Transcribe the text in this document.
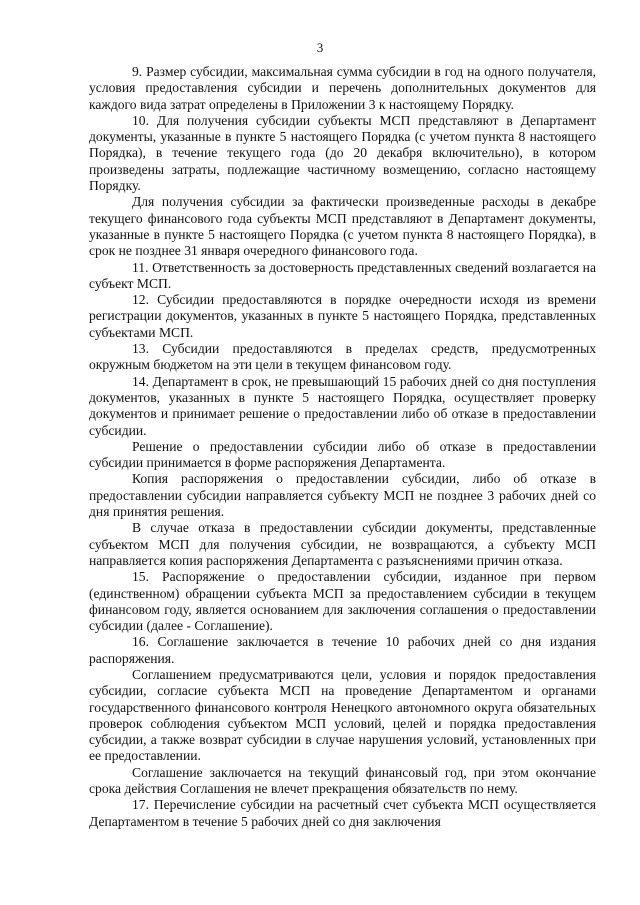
3

9. Размер субсидии, максимальная сумма субсидии в год на одного получателя, условия предоставления субсидии и перечень дополнительных документов для каждого вида затрат определены в Приложении 3 к настоящему Порядку.

10. Для получения субсидии субъекты МСП представляют в Департамент документы, указанные в пункте 5 настоящего Порядка (с учетом пункта 8 настоящего Порядка), в течение текущего года (до 20 декабря включительно), в котором произведены затраты, подлежащие частичному возмещению, согласно настоящему Порядку.

Для получения субсидии за фактически произведенные расходы в декабре текущего финансового года субъекты МСП представляют в Департамент документы, указанные в пункте 5 настоящего Порядка (с учетом пункта 8 настоящего Порядка), в срок не позднее 31 января очередного финансового года.

11. Ответственность за достоверность представленных сведений возлагается на субъект МСП.

12. Субсидии предоставляются в порядке очередности исходя из времени регистрации документов, указанных в пункте 5 настоящего Порядка, представленных субъектами МСП.

13. Субсидии предоставляются в пределах средств, предусмотренных окружным бюджетом на эти цели в текущем финансовом году.

14. Департамент в срок, не превышающий 15 рабочих дней со дня поступления документов, указанных в пункте 5 настоящего Порядка, осуществляет проверку документов и принимает решение о предоставлении либо об отказе в предоставлении субсидии.

Решение о предоставлении субсидии либо об отказе в предоставлении субсидии принимается в форме распоряжения Департамента.

Копия распоряжения о предоставлении субсидии, либо об отказе в предоставлении субсидии направляется субъекту МСП не позднее 3 рабочих дней со дня принятия решения.

В случае отказа в предоставлении субсидии документы, представленные субъектом МСП для получения субсидии, не возвращаются, а субъекту МСП направляется копия распоряжения Департамента с разъяснениями причин отказа.

15. Распоряжение о предоставлении субсидии, изданное при первом (единственном) обращении субъекта МСП за предоставлением субсидии в текущем финансовом году, является основанием для заключения соглашения о предоставлении субсидии (далее - Соглашение).

16. Соглашение заключается в течение 10 рабочих дней со дня издания распоряжения.

Соглашением предусматриваются цели, условия и порядок предоставления субсидии, согласие субъекта МСП на проведение Департаментом и органами государственного финансового контроля Ненецкого автономного округа обязательных проверок соблюдения субъектом МСП условий, целей и порядка предоставления субсидии, а также возврат субсидии в случае нарушения условий, установленных при ее предоставлении.

Соглашение заключается на текущий финансовый год, при этом окончание срока действия Соглашения не влечет прекращения обязательств по нему.

17. Перечисление субсидии на расчетный счет субъекта МСП осуществляется Департаментом в течение 5 рабочих дней со дня заключения
